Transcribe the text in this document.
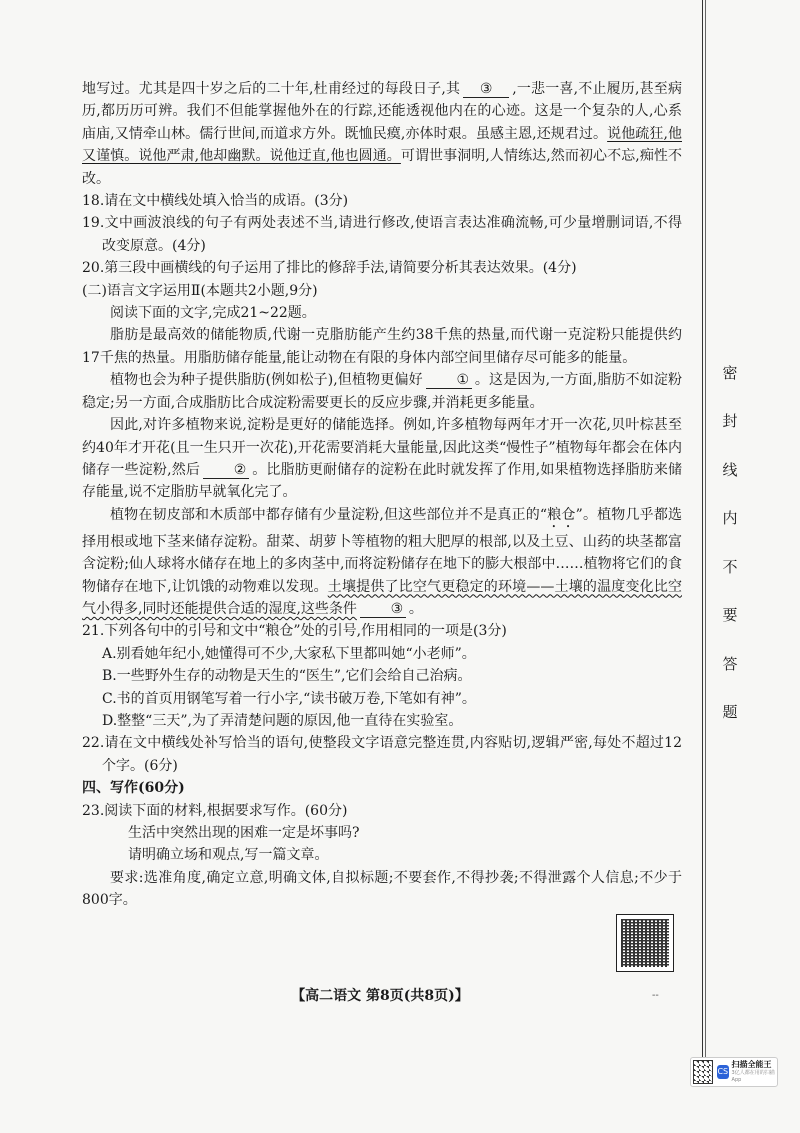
地写过。尤其是四十岁之后的二十年,杜甫经过的每段日子,其 ③ ,一悲一喜,不止履历,甚至病历,都历历可辨。我们不但能掌握他外在的行踪,还能透视他内在的心迹。这是一个复杂的人,心系庙庙,又情牵山林。儒行世间,而道求方外。既恤民瘼,亦体时艰。虽感主恩,还规君过。说他疏狂,他又谨慎。说他严肃,他却幽默。说他迂直,他也圆通。可谓世事洞明,人情练达,然而初心不忘,痴性不改。

18.请在文中横线处填入恰当的成语。(3分)

19.文中画波浪线的句子有两处表述不当,请进行修改,使语言表达准确流畅,可少量增删词语,不得改变原意。(4分)

20.第三段中画横线的句子运用了排比的修辞手法,请简要分析其表达效果。(4分)

(二)语言文字运用Ⅱ(本题共2小题,9分)

阅读下面的文字,完成21~22题。

脂肪是最高效的储能物质,代谢一克脂肪能产生约38千焦的热量,而代谢一克淀粉只能提供约17千焦的热量。用脂肪储存能量,能让动物在有限的身体内部空间里储存尽可能多的能量。

植物也会为种子提供脂肪(例如松子),但植物更偏好 ① 。这是因为,一方面,脂肪不如淀粉稳定;另一方面,合成脂肪比合成淀粉需要更长的反应步骤,并消耗更多能量。

因此,对许多植物来说,淀粉是更好的储能选择。例如,许多植物每两年才开一次花,贝叶棕甚至约40年才开花(且一生只开一次花),开花需要消耗大量能量,因此这类“慢性子”植物每年都会在体内储存一些淀粉,然后 ② 。比脂肪更耐储存的淀粉在此时就发挥了作用,如果植物选择脂肪来储存能量,说不定脂肪早就氧化完了。

植物在韧皮部和木质部中都存储有少量淀粉,但这些部位并不是真正的“粮仓”。植物几乎都选择用根或地下茎来储存淀粉。甜菜、胡萝卜等植物的粗大肥厚的根部,以及土豆、山药的块茎都富含淀粉;仙人球将水储存在地上的多肉茎中,而将淀粉储存在地下的膨大根部中……植物将它们的食物储存在地下,让饥饿的动物难以发现。土壤提供了比空气更稳定的环境——土壤的温度变化比空气小得多,同时还能提供合适的湿度,这些条件 ③ 。

21.下列各句中的引号和文中“粮仓”处的引号,作用相同的一项是(3分)

A.别看她年纪小,她懂得可不少,大家私下里都叫她“小老师”。

B.一些野外生存的动物是天生的“医生”,它们会给自己治病。

C.书的首页用钢笔写着一行小字,“读书破万卷,下笔如有神”。

D.整整“三天”,为了弄清楚问题的原因,他一直待在实验室。

22.请在文中横线处补写恰当的语句,使整段文字语意完整连贯,内容贴切,逻辑严密,每处不超过12个字。(6分)

四、写作(60分)

23.阅读下面的材料,根据要求写作。(60分)

生活中突然出现的困难一定是坏事吗?

请明确立场和观点,写一篇文章。

要求:选准角度,确定立意,明确文体,自拟标题;不要套作,不得抄袭;不得泄露个人信息;不少于800字。

密
封
线
内
不
要
答
题
--
【高二语文 第8页(共8页)】
CS
扫描全能王
3亿人都在用的扫描App
